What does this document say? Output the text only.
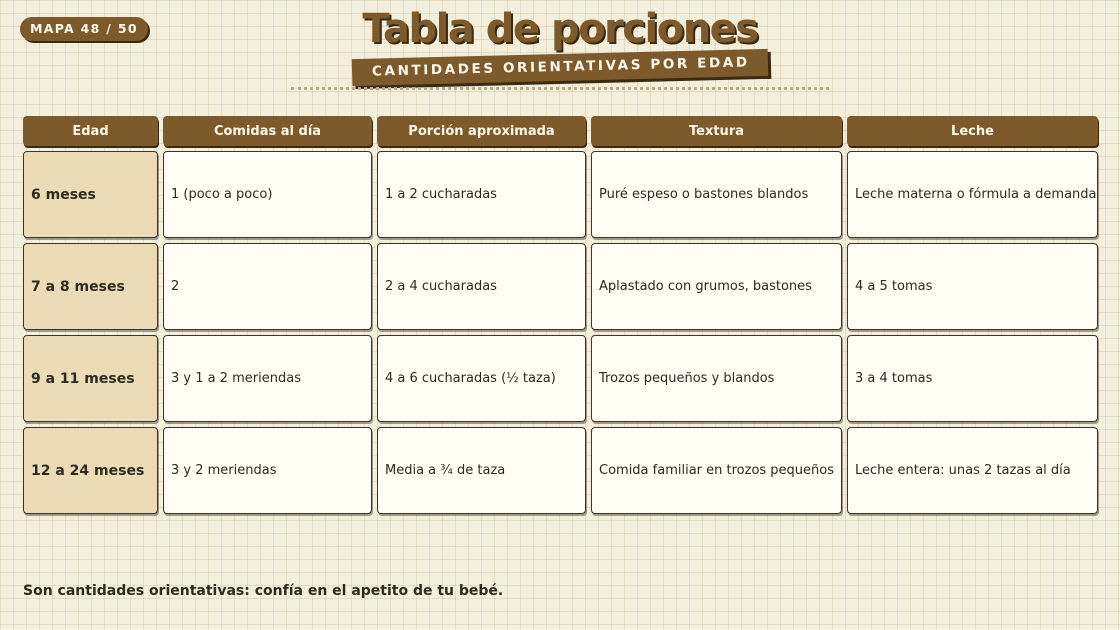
MAPA 48 / 50	Tabla de porciones
CANTIDADES ORIENTATIVAS POR EDAD
Edad	Comidas al día	Porción aproximada	Textura	Leche
6 meses	1 (poco a poco)	1 a 2 cucharadas	Puré espeso o bastones blandos	Leche materna o fórmula a demanda
7 a 8 meses	2	2 a 4 cucharadas	Aplastado con grumos, bastones	4 a 5 tomas
9 a 11 meses	3 y 1 a 2 meriendas	4 a 6 cucharadas (½ taza)	Trozos pequeños y blandos	3 a 4 tomas
12 a 24 meses	3 y 2 meriendas	Media a ¾ de taza	Comida familiar en trozos pequeños	Leche entera: unas 2 tazas al día
Son cantidades orientativas: confía en el apetito de tu bebé.
